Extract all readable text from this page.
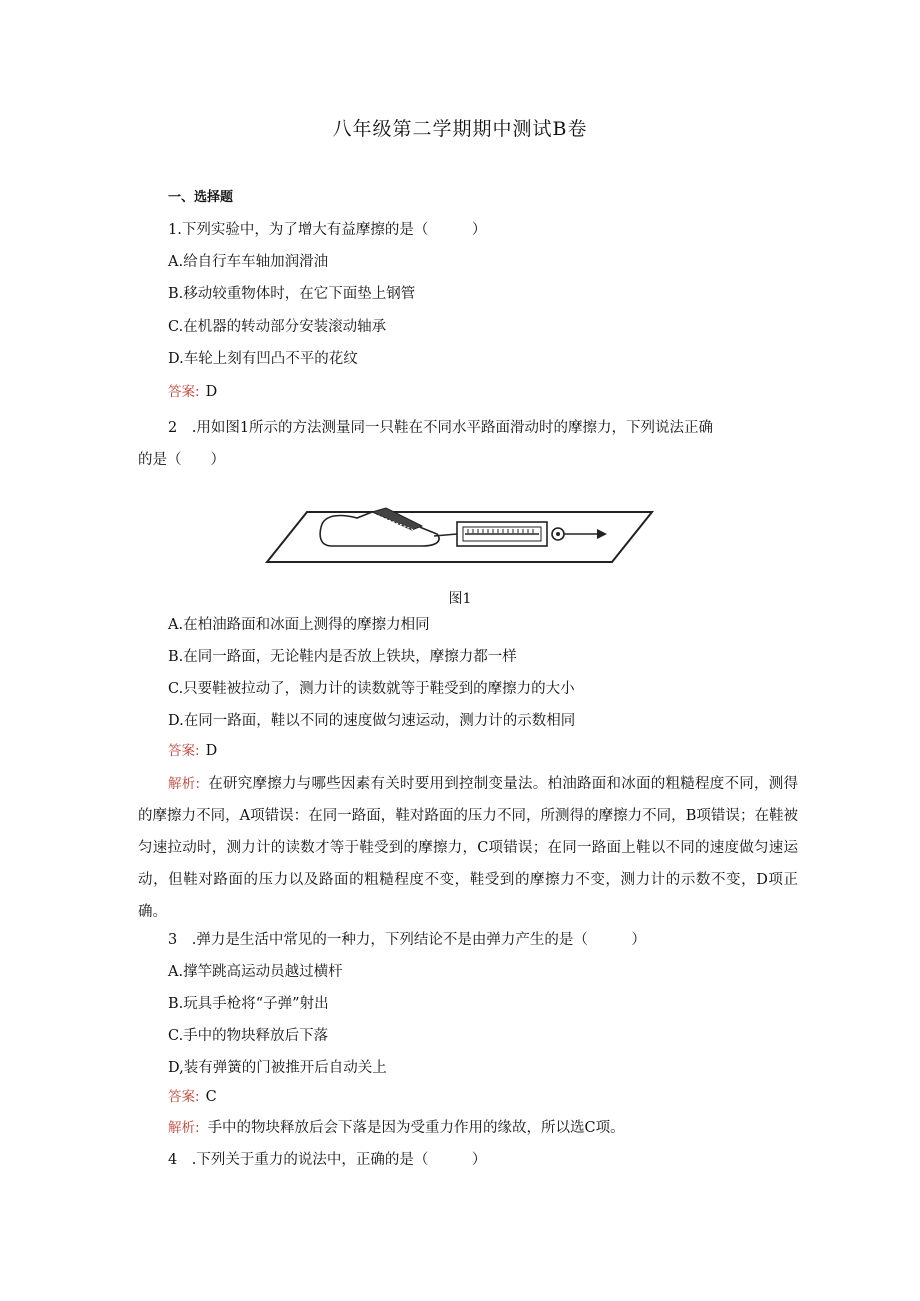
八年级第二学期期中测试B卷
一、选择题
1.下列实验中，为了增大有益摩擦的是（　　　）
A.给自行车车轴加润滑油
B.移动较重物体时，在它下面垫上钢管
C.在机器的转动部分安装滚动轴承
D.车轮上刻有凹凸不平的花纹
答案: D
2　.用如图1所示的方法测量同一只鞋在不同水平路面滑动时的摩擦力，下列说法正确
的是（　　）
图1
A.在柏油路面和冰面上测得的摩擦力相同
B.在同一路面，无论鞋内是否放上铁块，摩擦力都一样
C.只要鞋被拉动了，测力计的读数就等于鞋受到的摩擦力的大小
D.在同一路面，鞋以不同的速度做匀速运动，测力计的示数相同
答案: D
解析: 在研究摩擦力与哪些因素有关时要用到控制变量法。柏油路面和冰面的粗糙程度不同，测得的摩擦力不同，A项错误：在同一路面，鞋对路面的压力不同，所测得的摩擦力不同，B项错误；在鞋被匀速拉动时，测力计的读数才等于鞋受到的摩擦力，C项错误；在同一路面上鞋以不同的速度做匀速运动，但鞋对路面的压力以及路面的粗糙程度不变，鞋受到的摩擦力不变，测力计的示数不变，D项正确。
3　.弹力是生活中常见的一种力，下列结论不是由弹力产生的是（　　　）
A.撑竿跳高运动员越过横杆
B.玩具手枪将“子弹”射出
C.手中的物块释放后下落
D,装有弹簧的门被推开后自动关上
答案: C
解析: 手中的物块释放后会下落是因为受重力作用的缘故，所以选C项。
4　.下列关于重力的说法中，正确的是（　　　）
